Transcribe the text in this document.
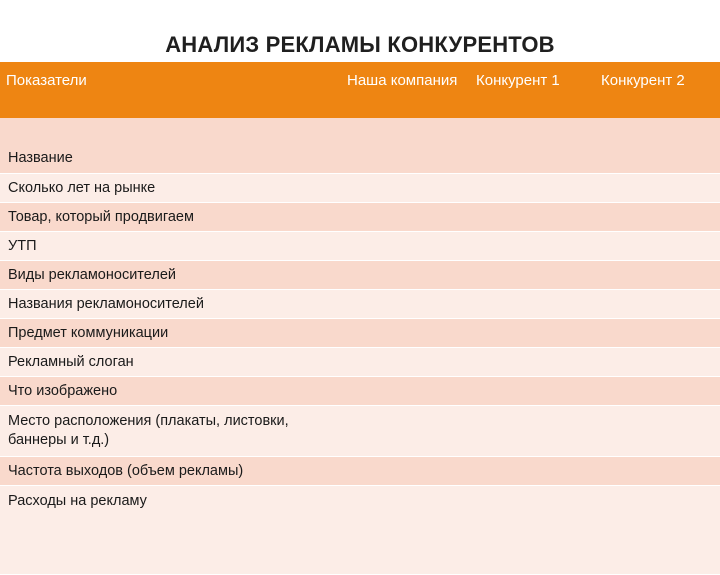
АНАЛИЗ РЕКЛАМЫ КОНКУРЕНТОВ
Показатели	Наша компания	Конкурент 1	Конкурент 2
Название			
Сколько лет на рынке			
Товар, который продвигаем			
УТП			
Виды рекламоносителей			
Названия рекламоносителей			
Предмет коммуникации			
Рекламный слоган			
Что изображено			
Место расположения (плакаты, листовки, баннеры и т.д.)			
Частота выходов (объем рекламы)			
Расходы на рекламу			
